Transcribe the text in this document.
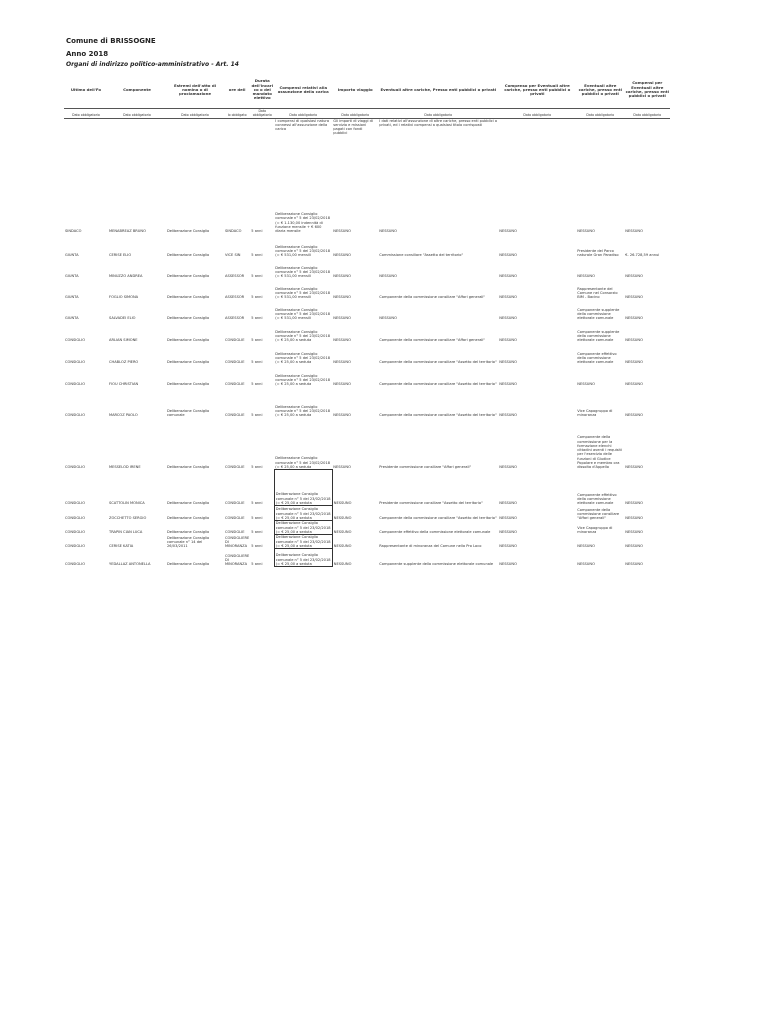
Comune di BRISSOGNE
Anno 2018
Organi di indirizzo politico-amministrativo - Art. 14
Ultimo dell'Fo	Componente	Estremi dell'atto di nomina o di proclamazione	ore dell	Durata dell'incari co o del mandato elettivo	Compensi relativi alla assunzione della carica	Importo viaggio	Eventuali altre cariche, Presso enti pubblici o privati	Compenso per Eventuali altre cariche, presso enti pubblici o privati	Eventuali altre cariche, presso enti pubblici o privati	Compensi per Eventuali altre cariche, presso enti pubblici o privati
Dato obbligatorio	Dato obbligatorio	Dato obbligatorio	Io obbligato	Dato obbligatorio	Dato obbligatorio	Dato obbligatorio	Dato obbligatorio	Dato obbligatorio	Dato obbligatorio	Dato obbligatorio
					I compensi di qualsiasi natura connessi all'assunzione della carica	Gli importi di viaggi di servizio e missioni pagati con fondi pubblici	I dati relativi all'assunzione di altre cariche, presso enti pubblici o privati, ed i relativi compensi a qualsiasi titolo corrisposti			

SINDACO	MENABREAZ BRUNO	Deliberazione Consiglio	SINDACO	5 anni	Deliberazione Consiglio comunale n° 5 del 23/02/2018 (= € 1.130,00 indennità di funzione mensile + € 600 diaria mensile	NESSUNO	NESSUNO	NESSUNO	NESSUNO	NESSUNO
GIUNTA	CERISE ELIO	Deliberazione Consiglio	VICE SIN	5 anni	Deliberazione Consiglio comunale n° 5 del 23/02/2018 (= € 531,00 mensili	NESSUNO	Commissione consiliare "Assetto del territorio"	NESSUNO	Presidente del Parco naturale Gran Paradiso	€. 26.728,59 annui
GIUNTA	MINUZZO ANDREA	Deliberazione Consiglio	ASSESSOR	5 anni	Deliberazione Consiglio comunale n° 5 del 23/02/2018 (= € 531,00 mensili	NESSUNO	NESSUNO	NESSUNO	NESSUNO	NESSUNO
GIUNTA	FOGLIO SIMONA	Deliberazione Consiglio	ASSESSOR	5 anni	Deliberazione Consiglio comunale n° 5 del 23/02/2018 (= € 531,00 mensili	NESSUNO	Componente della commissione consiliare "Affari generali"	NESSUNO	Rappresentante del Comune nel Consorzio BIM - Bacino	NESSUNO
GIUNTA	SALVADEI ELIO	Deliberazione Consiglio	ASSESSOR	5 anni	Deliberazione Consiglio comunale n° 5 del 23/02/2018 (= € 531,00 mensili	NESSUNO	NESSUNO	NESSUNO	Componente supplente della commissione elettorale comunale	NESSUNO
CONSIGLIO	ARLIAN SIMONE	Deliberazione Consiglio	CONSIGLIE	5 anni	Deliberazione Consiglio comunale n° 5 del 23/02/2018 (= € 25,00 a seduta	NESSUNO	Componente della commissione consiliare "Affari generali"	NESSUNO	Componente supplente della commissione elettorale comunale	NESSUNO
CONSIGLIO	CHABLOZ PIERO	Deliberazione Consiglio	CONSIGLIE	5 anni	Deliberazione Consiglio comunale n° 5 del 23/02/2018 (= € 25,00 a seduta	NESSUNO	Componente della commissione consiliare "Assetto del territorio"	NESSUNO	Componente effettivo della commissione elettorale comunale	NESSUNO
CONSIGLIO	FIOU CHRISTIAN	Deliberazione Consiglio	CONSIGLIE	5 anni	Deliberazione Consiglio comunale n° 5 del 23/02/2018 (= € 25,00 a seduta	NESSUNO	Componente della commissione consiliare "Assetto del territorio"	NESSUNO	NESSUNO	NESSUNO
CONSIGLIO	MARCOZ PAOLO	Deliberazione Consiglio comunale	CONSIGLIE	5 anni	Deliberazione Consiglio comunale n° 5 del 23/02/2018 (= € 25,00 a seduta	NESSUNO	Componente della commissione consiliare "Assetto del territorio"	NESSUNO	Vice Capogruppo di minoranza	NESSUNO
CONSIGLIO	MESSELOD IRENE	Deliberazione Consiglio	CONSIGLIE	5 anni	Deliberazione Consiglio comunale n° 5 del 23/02/2018 (= € 25,00 a seduta	NESSUNO	Presidente commissione consiliare "Affari generali"	NESSUNO	Componente della commissione per la formazione elenchi cittadini aventi i requisiti per l'esercizio delle funzioni di Giudice Popolare e membro ora dissolta d'Appello	NESSUNO
CONSIGLIO	SCATTOLIN MONICA	Deliberazione Consiglio	CONSIGLIE	5 anni	Deliberazione Consiglio comunale n° 5 del 23/02/2018 (= € 25,00 a seduta	NESSUNO	Presidente commissione consiliare "Assetto del territorio"	NESSUNO	Componente effettivo della commissione elettorale comunale	NESSUNO
CONSIGLIO	ZOCCHETTO SERGIO	Deliberazione Consiglio	CONSIGLIE	5 anni	Deliberazione Consiglio comunale n° 5 del 23/02/2018 (= € 25,00 a seduta	NESSUNO	Componente della commissione consiliare "Assetto del territorio"	NESSUNO	Componente della commissione consiliare "Affari generali"	NESSUNO
CONSIGLIO	TRAPIN CIAN LUCA	Deliberazione Consiglio	CONSIGLIE	5 anni	Deliberazione Consiglio comunale n° 5 del 23/02/2018 (= € 25,00 a seduta	NESSUNO	Componente effettivo della commissione elettorale comunale	NESSUNO	Vice Capogruppo di minoranza	NESSUNO
CONSIGLIO	CERISE KATIA	Deliberazione Consiglio comunale n° 14 del 26/03/2011	CONSIGLIERE DI MINORANZA	5 anni	Deliberazione Consiglio comunale n° 5 del 23/02/2018 (= € 25,00 a seduta	NESSUNO	Rappresentante di minoranza del Comune nella Pro Loco	NESSUNO	NESSUNO	NESSUNO
CONSIGLIO	YEDALLAZ ANTONELLA	Deliberazione Consiglio	CONSIGLIERE DI MINORANZA	5 anni	Deliberazione Consiglio comunale n° 5 del 23/02/2018 (= € 25,00 a seduta	NESSUNO	Componente supplente della commissione elettorale comunale	NESSUNO	NESSUNO	NESSUNO
